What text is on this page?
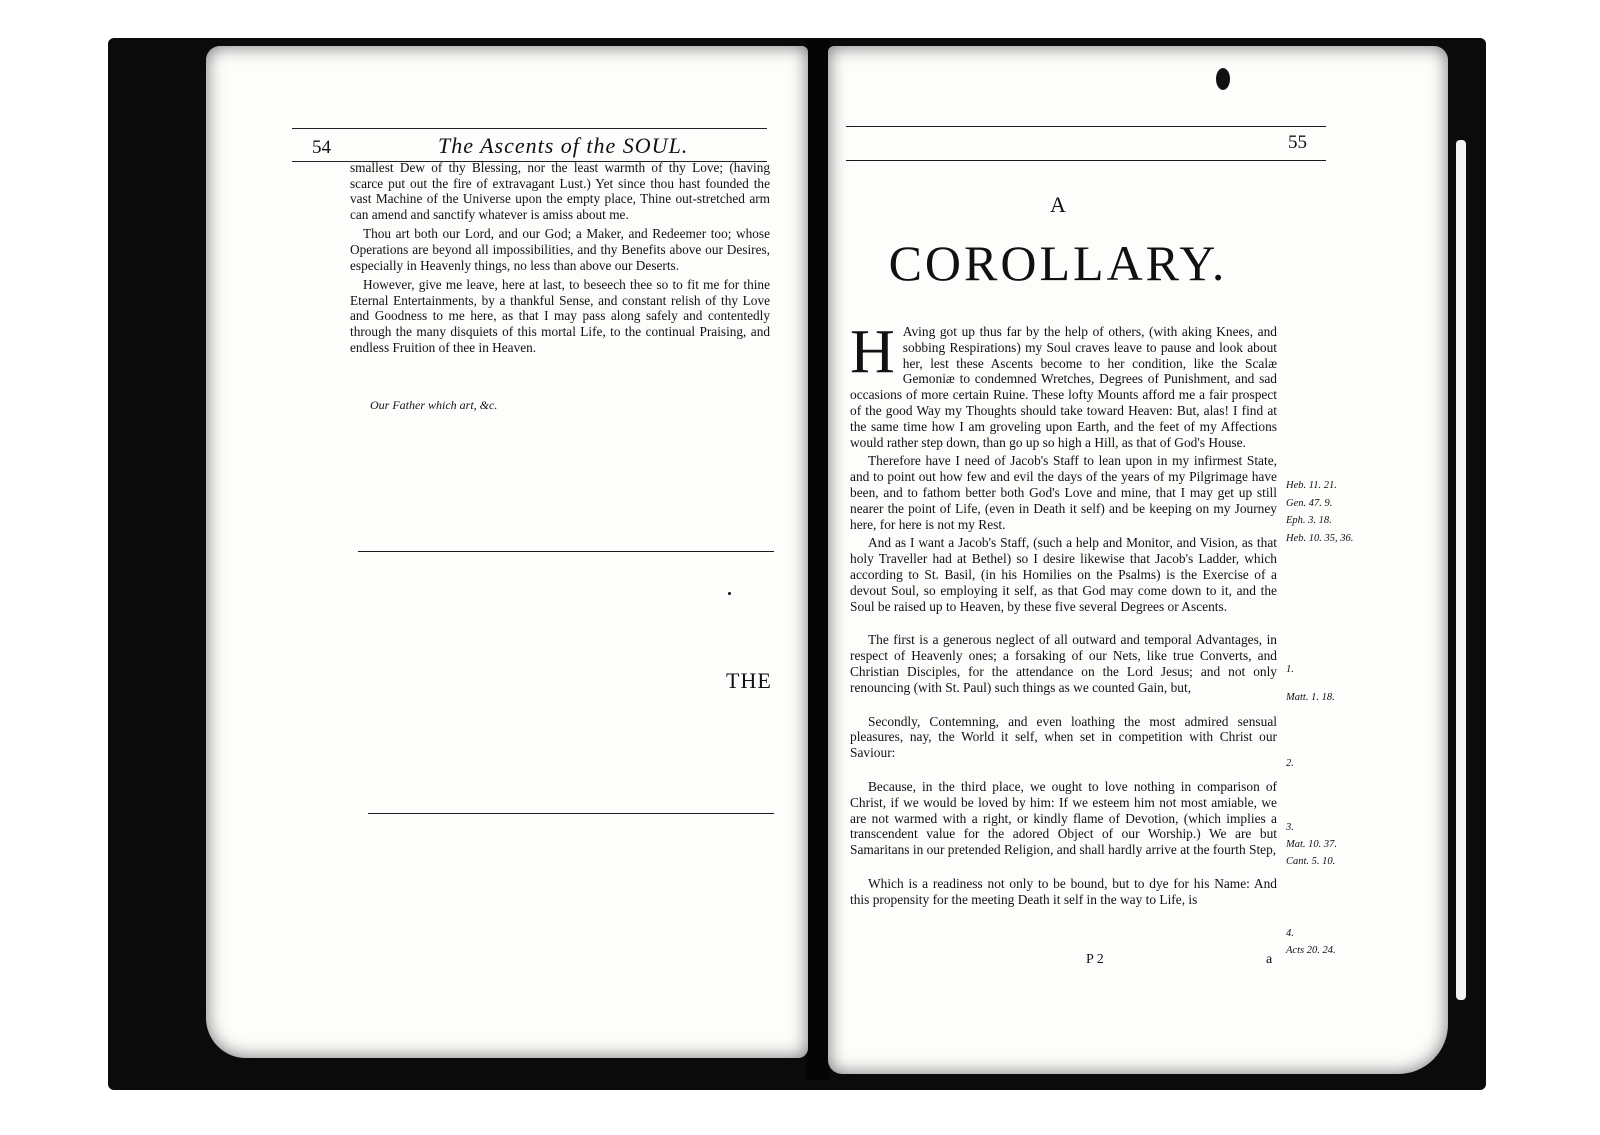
54	The Ascents of the SOUL.

smallest Dew of thy Blessing, nor the least warmth of thy Love; (having scarce put out the fire of extravagant Lust.) Yet since thou hast founded the vast Machine of the Universe upon the empty place, Thine out-stretched arm can amend and sanctify whatever is amiss about me.

Thou art both our Lord, and our God; a Maker, and Redeemer too; whose Operations are beyond all impossibilities, and thy Benefits above our Desires, especially in Heavenly things, no less than above our Deserts.

However, give me leave, here at last, to beseech thee so to fit me for thine Eternal Entertainments, by a thankful Sense, and constant relish of thy Love and Goodness to me here, as that I may pass along safely and contentedly through the many disquiets of this mortal Life, to the continual Praising, and endless Fruition of thee in Heaven.

Our Father which art, &c.
THE
55
A
COROLLARY.

H Aving got up thus far by the help of others, (with aking Knees, and sobbing Respirations) my Soul craves leave to pause and look about her, lest these Ascents become to her condition, like the Scalæ Gemoniæ to condemned Wretches, Degrees of Punishment, and sad occasions of more certain Ruine. These lofty Mounts afford me a fair prospect of the good Way my Thoughts should take toward Heaven: But, alas! I find at the same time how I am groveling upon Earth, and the feet of my Affections would rather step down, than go up so high a Hill, as that of God's House.

Therefore have I need of Jacob's Staff to lean upon in my infirmest State, and to point out how few and evil the days of the years of my Pilgrimage have been, and to fathom better both God's Love and mine, that I may get up still nearer the point of Life, (even in Death it self) and be keeping on my Journey here, for here is not my Rest.

And as I want a Jacob's Staff, (such a help and Monitor, and Vision, as that holy Traveller had at Bethel) so I desire likewise that Jacob's Ladder, which according to St. Basil, (in his Homilies on the Psalms) is the Exercise of a devout Soul, so employing it self, as that God may come down to it, and the Soul be raised up to Heaven, by these five several Degrees or Ascents.

The first is a generous neglect of all outward and temporal Advantages, in respect of Heavenly ones; a forsaking of our Nets, like true Converts, and Christian Disciples, for the attendance on the Lord Jesus; and not only renouncing (with St. Paul) such things as we counted Gain, but,

Secondly, Contemning, and even loathing the most admired sensual pleasures, nay, the World it self, when set in competition with Christ our Saviour:

Because, in the third place, we ought to love nothing in comparison of Christ, if we would be loved by him: If we esteem him not most amiable, we are not warmed with a right, or kindly flame of Devotion, (which implies a transcendent value for the adored Object of our Worship.) We are but Samaritans in our pretended Religion, and shall hardly arrive at the fourth Step,

Which is a readiness not only to be bound, but to dye for his Name: And this propensity for the meeting Death it self in the way to Life, is

Heb. 11. 21.
Gen. 47. 9.
Eph. 3. 18.
Heb. 10. 35, 36.
1.
Matt. 1. 18.
2.
3.
Mat. 10. 37.
Cant. 5. 10.
4.
Acts 20. 24.
P 2	a
